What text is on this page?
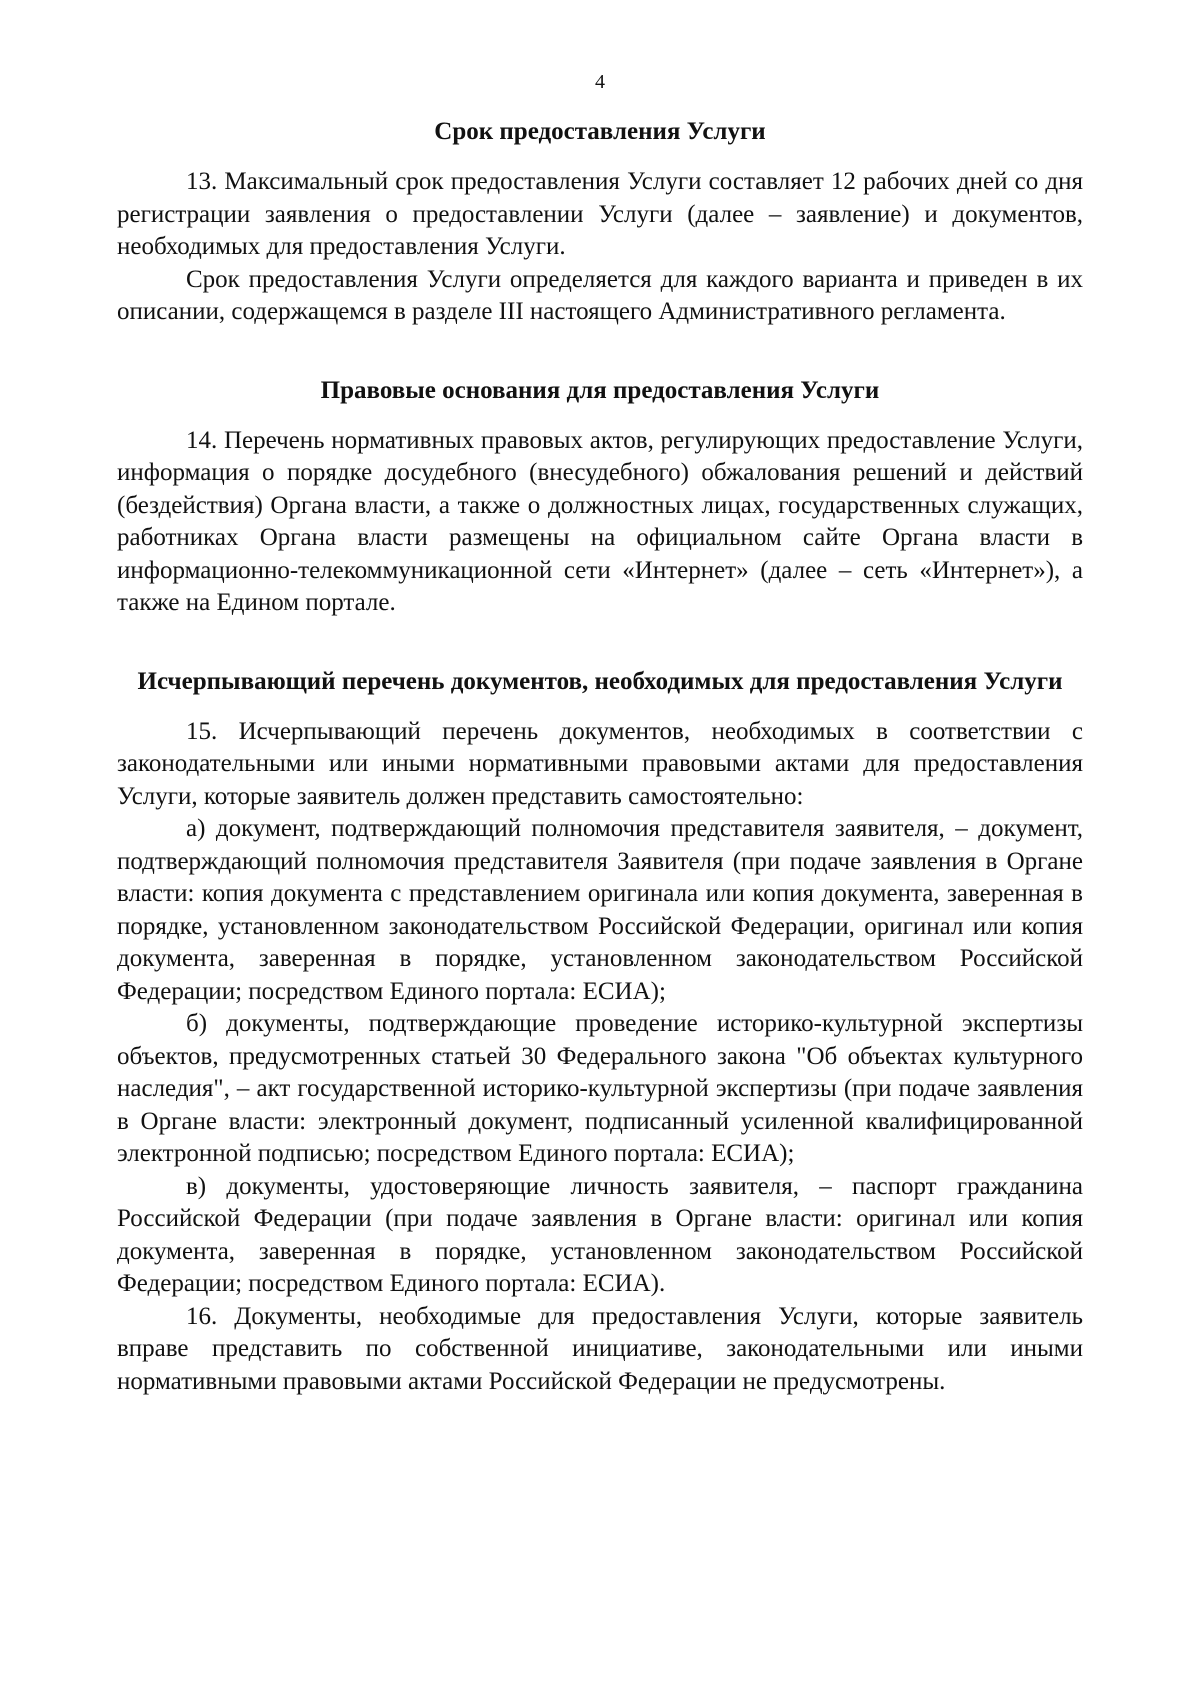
4
Срок предоставления Услуги

13. Максимальный срок предоставления Услуги составляет 12 рабочих дней со дня регистрации заявления о предоставлении Услуги (далее – заявление) и документов, необходимых для предоставления Услуги.

Срок предоставления Услуги определяется для каждого варианта и приведен в их описании, содержащемся в разделе III настоящего Административного регламента.

Правовые основания для предоставления Услуги

14. Перечень нормативных правовых актов, регулирующих предоставление Услуги, информация о порядке досудебного (внесудебного) обжалования решений и действий (бездействия) Органа власти, а также о должностных лицах, государственных служащих, работниках Органа власти размещены на официальном сайте Органа власти в информационно-телекоммуникационной сети «Интернет» (далее – сеть «Интернет»), а также на Едином портале.

Исчерпывающий перечень документов, необходимых для предоставления Услуги

15. Исчерпывающий перечень документов, необходимых в соответствии с законодательными или иными нормативными правовыми актами для предоставления Услуги, которые заявитель должен представить самостоятельно:

а) документ, подтверждающий полномочия представителя заявителя, – документ, подтверждающий полномочия представителя Заявителя (при подаче заявления в Органе власти: копия документа с представлением оригинала или копия документа, заверенная в порядке, установленном законодательством Российской Федерации, оригинал или копия документа, заверенная в порядке, установленном законодательством Российской Федерации; посредством Единого портала: ЕСИА);

б) документы, подтверждающие проведение историко-культурной экспертизы объектов, предусмотренных статьей 30 Федерального закона "Об объектах культурного наследия", – акт государственной историко-культурной экспертизы (при подаче заявления в Органе власти: электронный документ, подписанный усиленной квалифицированной электронной подписью; посредством Единого портала: ЕСИА);

в) документы, удостоверяющие личность заявителя, – паспорт гражданина Российской Федерации (при подаче заявления в Органе власти: оригинал или копия документа, заверенная в порядке, установленном законодательством Российской Федерации; посредством Единого портала: ЕСИА).

16. Документы, необходимые для предоставления Услуги, которые заявитель вправе представить по собственной инициативе, законодательными или иными нормативными правовыми актами Российской Федерации не предусмотрены.
